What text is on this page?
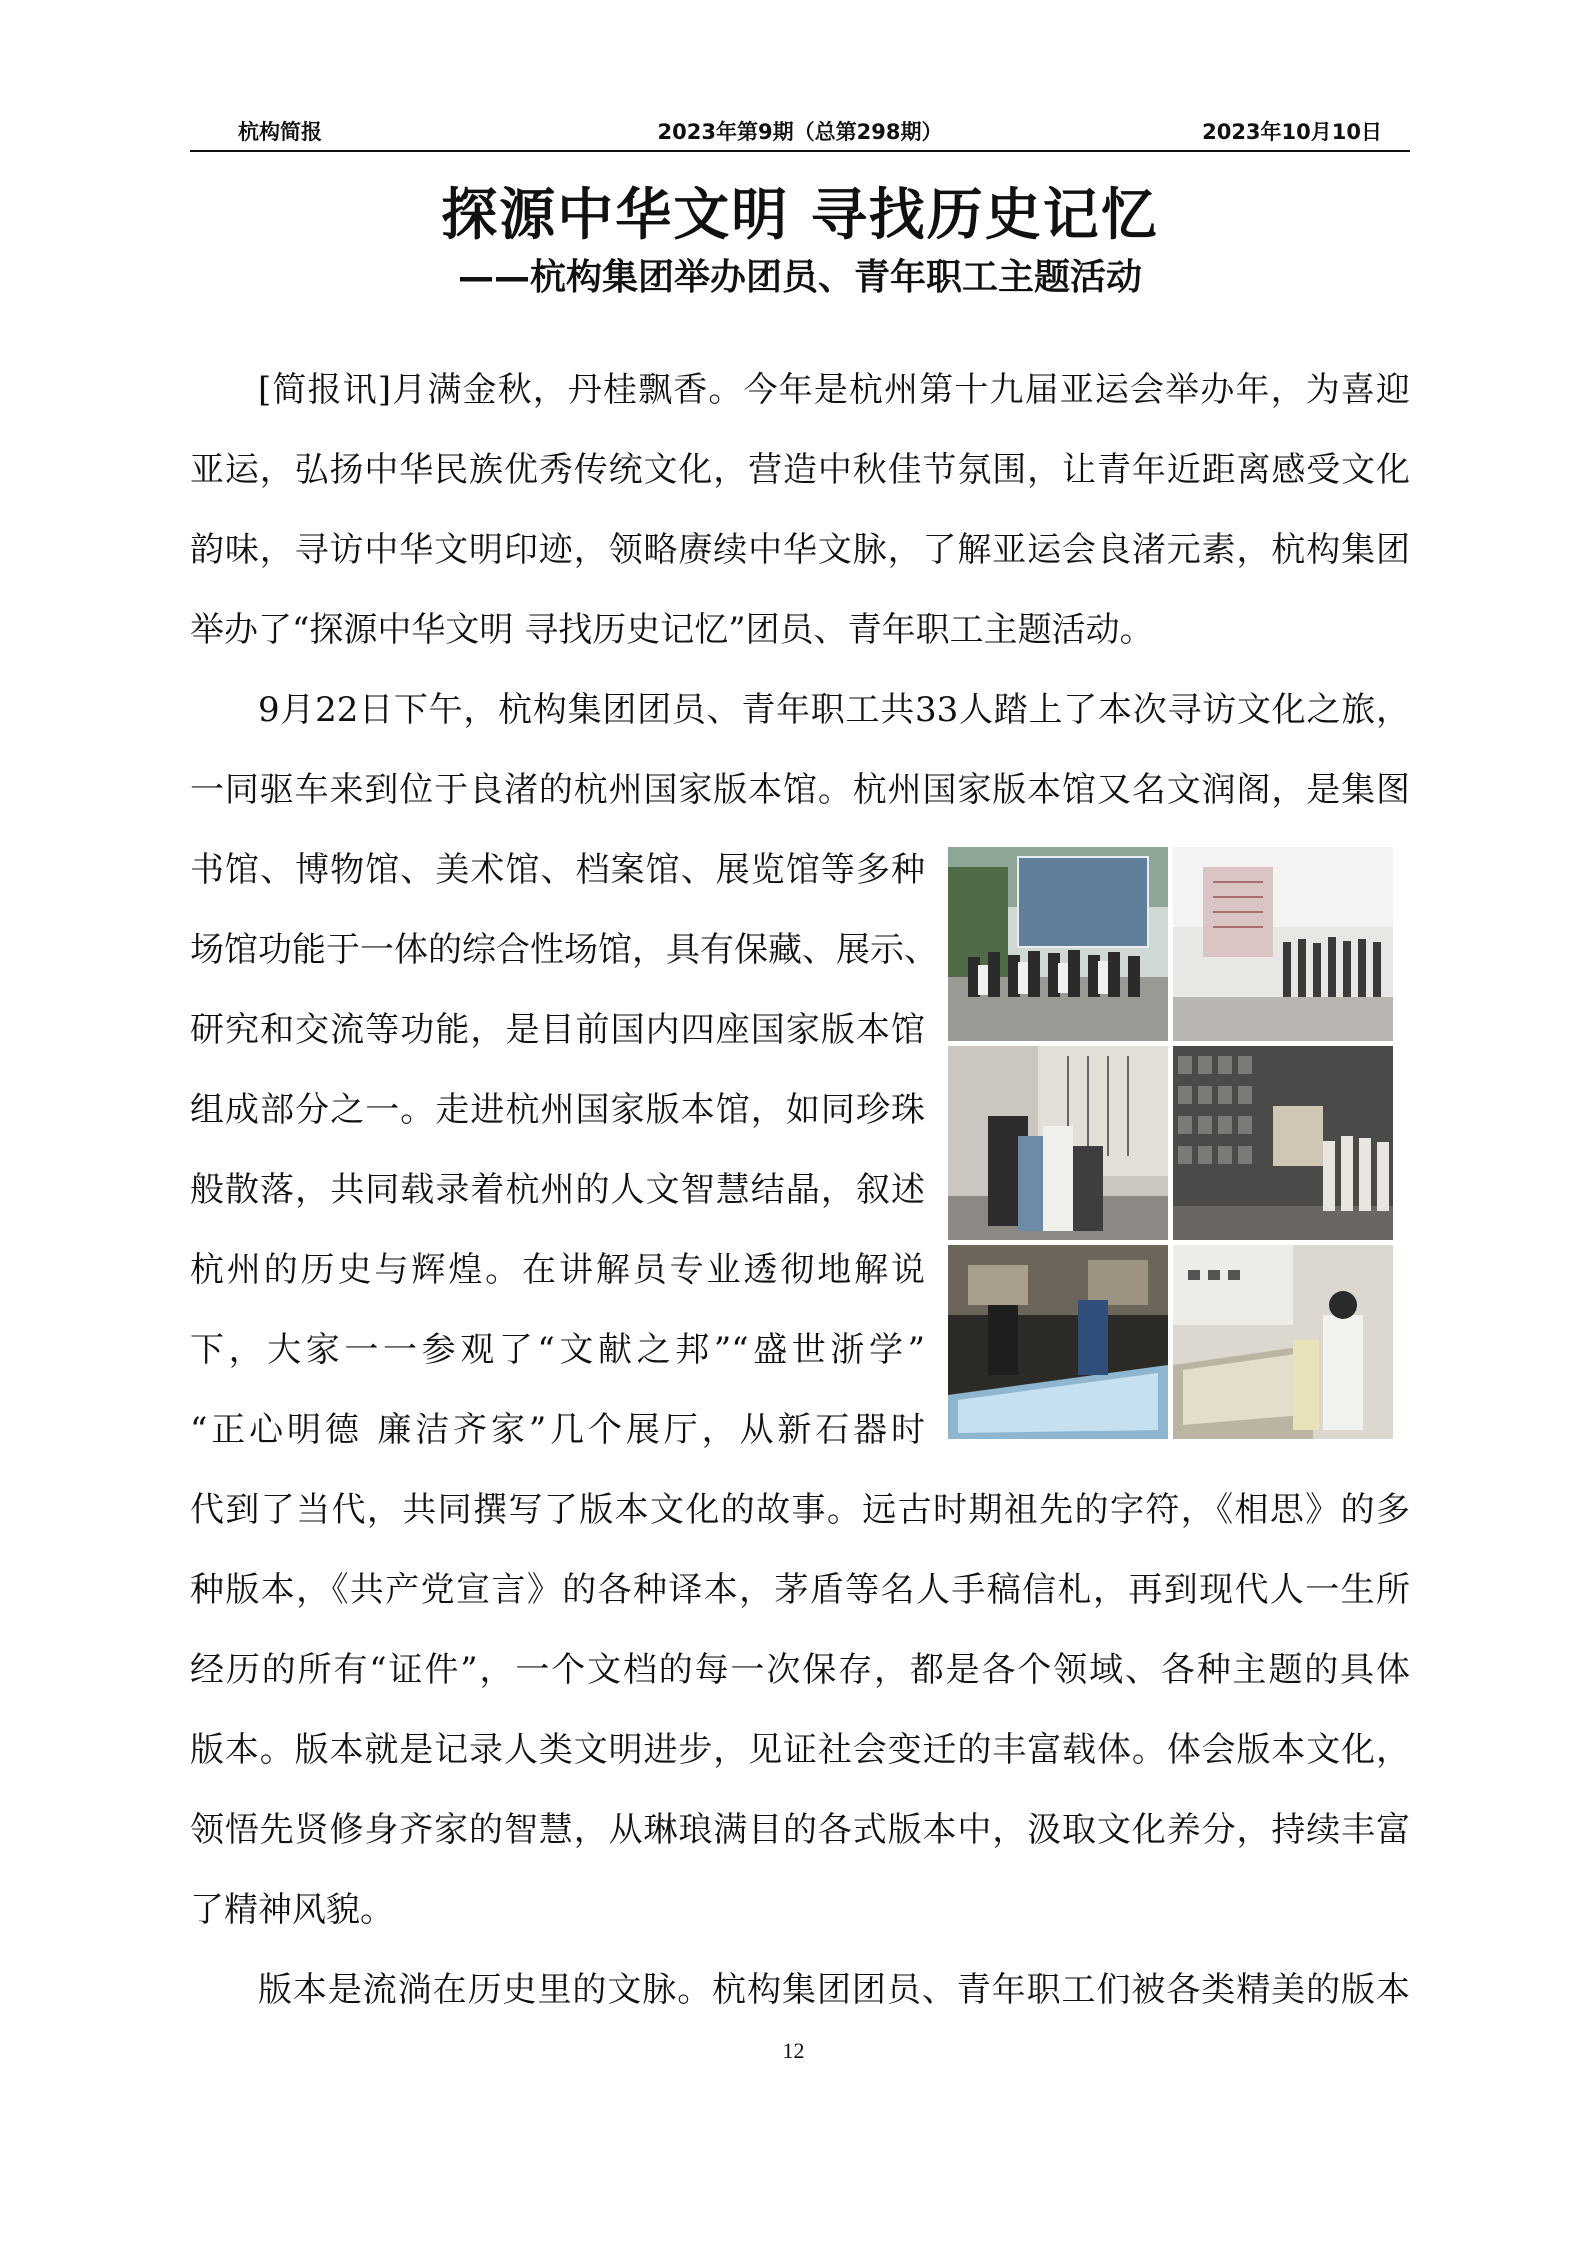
杭构简报	2023年第9期（总第298期）	2023年10月10日
探源中华文明 寻找历史记忆
——杭构集团举办团员、青年职工主题活动

[简报讯]月满金秋，丹桂飘香。今年是杭州第十九届亚运会举办年，为喜迎

亚运，弘扬中华民族优秀传统文化，营造中秋佳节氛围，让青年近距离感受文化

韵味，寻访中华文明印迹，领略赓续中华文脉，了解亚运会良渚元素，杭构集团

举办了“探源中华文明 寻找历史记忆”团员、青年职工主题活动。

9月22日下午，杭构集团团员、青年职工共33人踏上了本次寻访文化之旅，

一同驱车来到位于良渚的杭州国家版本馆。杭州国家版本馆又名文润阁，是集图

书馆、博物馆、美术馆、档案馆、展览馆等多种

场馆功能于一体的综合性场馆，具有保藏、展示、

研究和交流等功能，是目前国内四座国家版本馆

组成部分之一。走进杭州国家版本馆，如同珍珠

般散落，共同载录着杭州的人文智慧结晶，叙述

杭州的历史与辉煌。在讲解员专业透彻地解说

下，大家一一参观了“文献之邦”“盛世浙学”

“正心明德 廉洁齐家”几个展厅，从新石器时

代到了当代，共同撰写了版本文化的故事。远古时期祖先的字符，《相思》的多

种版本，《共产党宣言》的各种译本，茅盾等名人手稿信札，再到现代人一生所

经历的所有“证件”，一个文档的每一次保存，都是各个领域、各种主题的具体

版本。版本就是记录人类文明进步，见证社会变迁的丰富载体。体会版本文化，

领悟先贤修身齐家的智慧，从琳琅满目的各式版本中，汲取文化养分，持续丰富

了精神风貌。

版本是流淌在历史里的文脉。杭构集团团员、青年职工们被各类精美的版本

12
